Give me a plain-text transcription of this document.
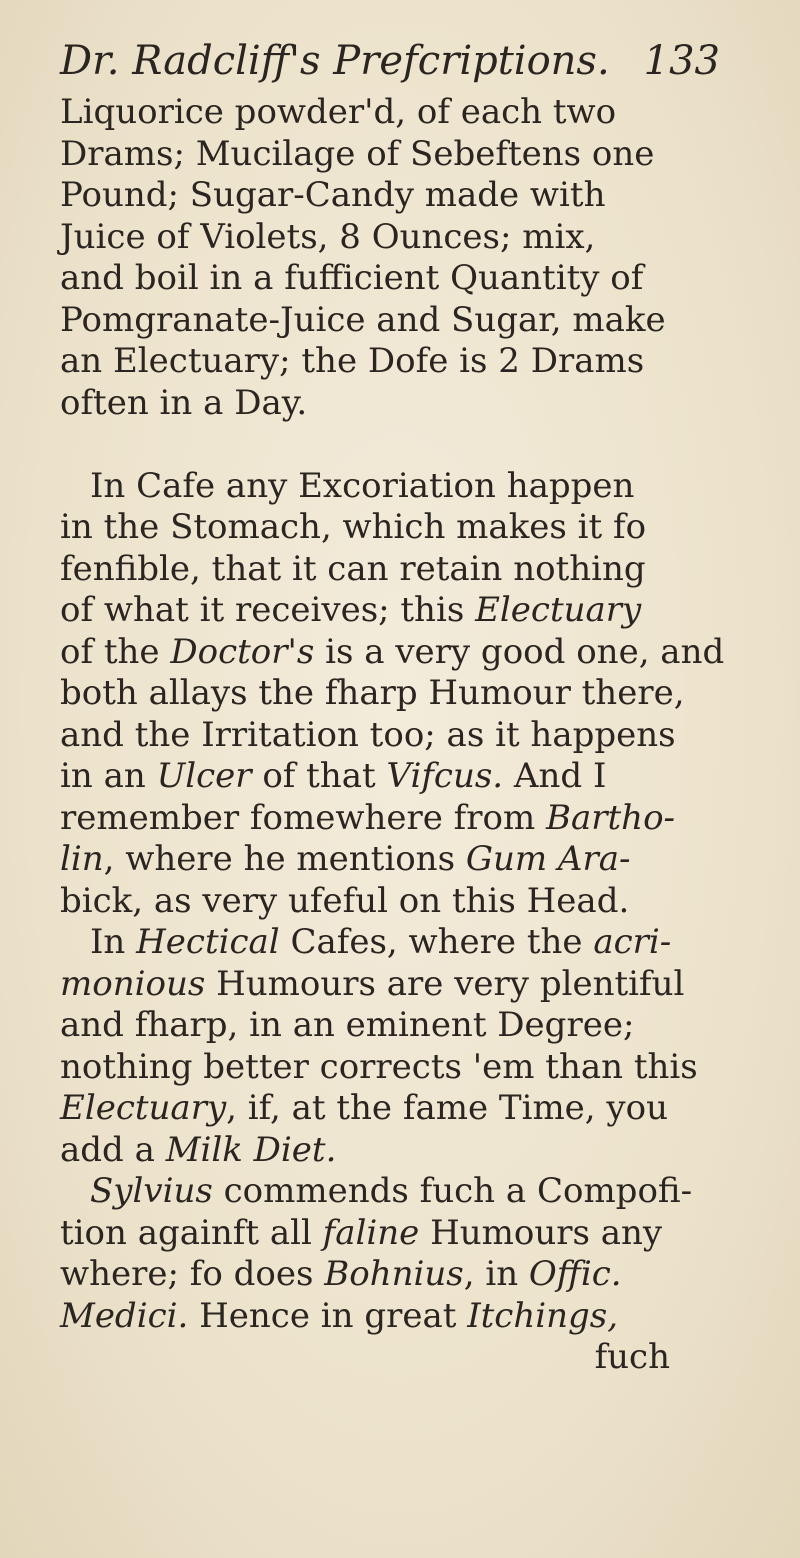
Dr. Radcliff's Prefcriptions. 133
Liquorice powder'd, of each two
Drams; Mucilage of Sebeftens one
Pound; Sugar-Candy made with
Juice of Violets, 8 Ounces; mix,
and boil in a fufficient Quantity of
Pomgranate-Juice and Sugar, make
an Electuary; the Dofe is 2 Drams
often in a Day.
In Cafe any Excoriation happen
in the Stomach, which makes it fo
fenfible, that it can retain nothing
of what it receives; this Electuary
of the Doctor's is a very good one, and
both allays the fharp Humour there,
and the Irritation too; as it happens
in an Ulcer of that Vifcus. And I
remember fomewhere from Bartho-
lin, where he mentions Gum Ara-
bick, as very ufeful on this Head.
In Hectical Cafes, where the acri-
monious Humours are very plentiful
and fharp, in an eminent Degree;
nothing better corrects 'em than this
Electuary, if, at the fame Time, you
add a Milk Diet.
Sylvius commends fuch a Compofi-
tion againft all faline Humours any
where; fo does Bohnius, in Offic.
Medici. Hence in great Itchings,
fuch
